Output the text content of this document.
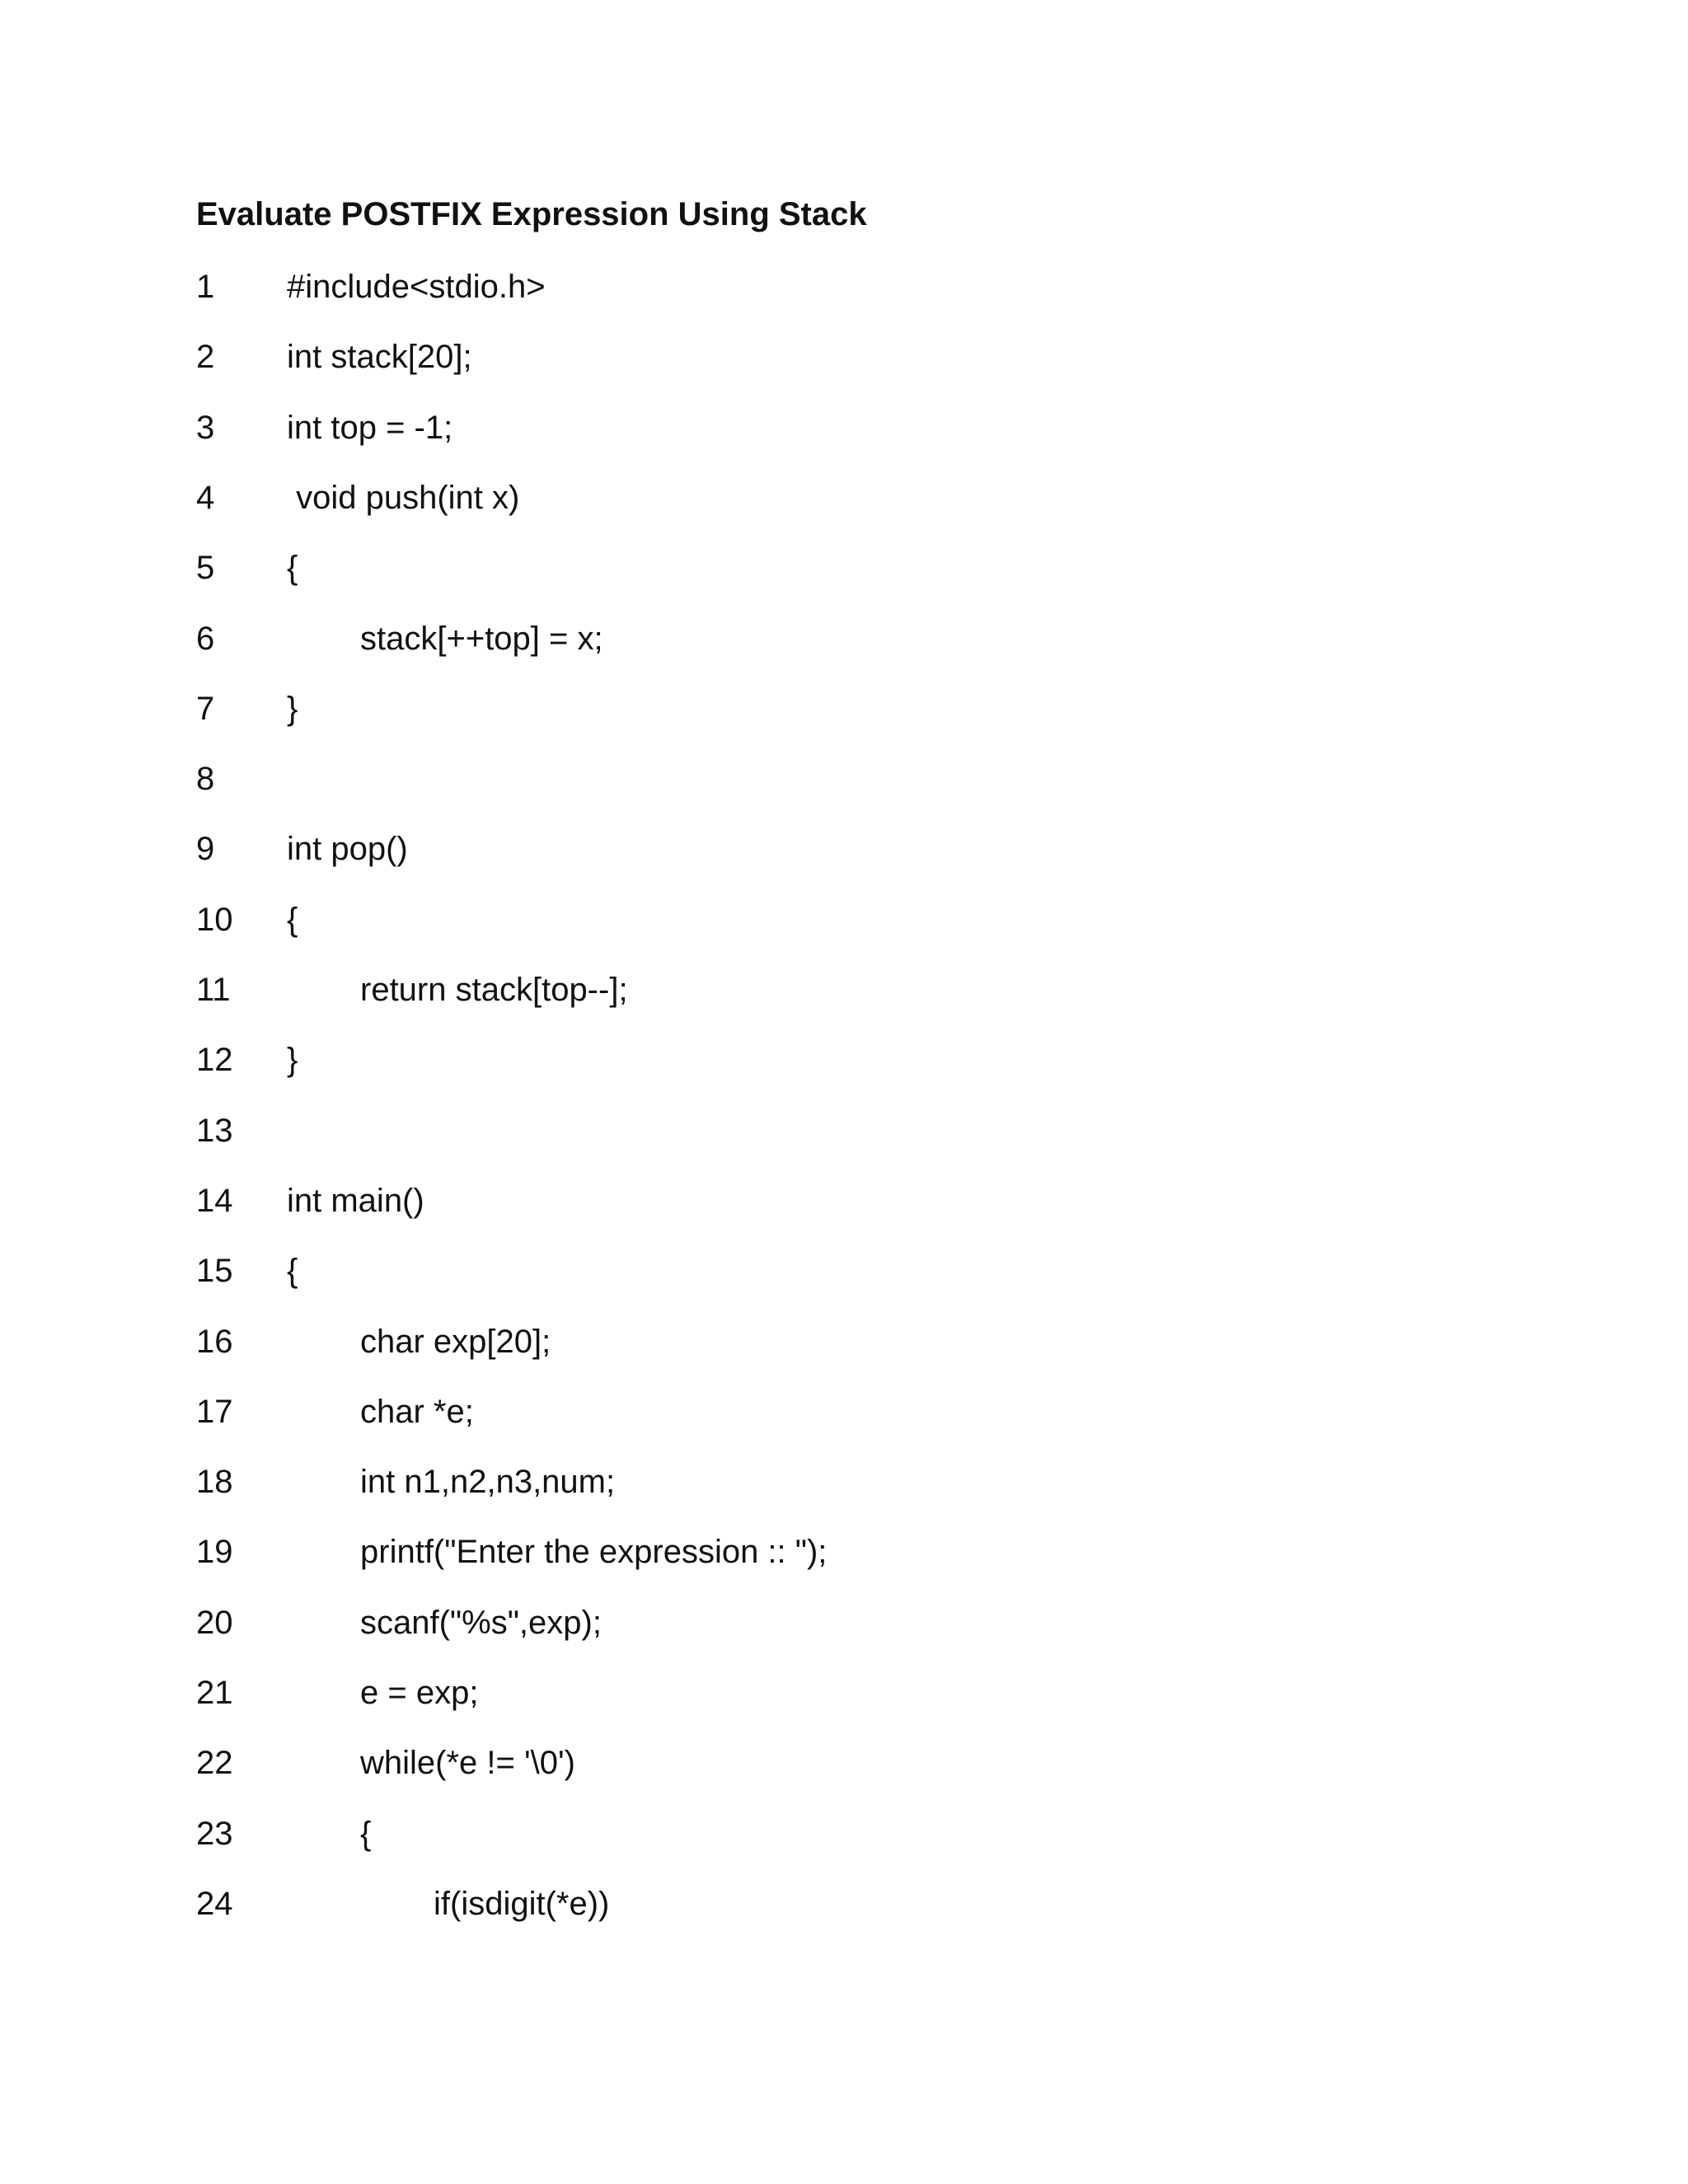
Evaluate POSTFIX Expression Using Stack

1

	#include<stdio.h>

2

	int stack[20];

3

	int top = -1;

4

	void push(int x)

5

	{

6

	stack[++top] = x;

7

	}

8

9

	int pop()

10

	{

11

	return stack[top--];

12

	}

13

14

	int main()

15

	{

16

	char exp[20];

17

	char *e;

18

	int n1,n2,n3,num;

19

	printf("Enter the expression :: ");

20

	scanf("%s",exp);

21

	e = exp;

22

	while(*e != '\0')

23

	{

24

	if(isdigit(*e))
